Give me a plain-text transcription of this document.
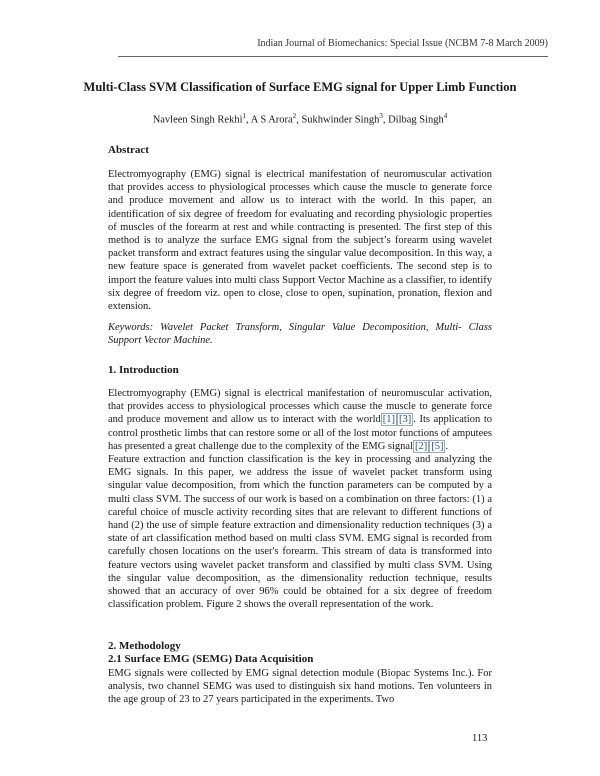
Indian Journal of Biomechanics: Special Issue (NCBM 7-8 March 2009)
Multi-Class SVM Classification of Surface EMG signal for Upper Limb Function
Navleen Singh Rekhi$^1$, A S Arora$^2$, Sukhwinder Singh$^3$, Dilbag Singh$^4$
Abstract

Electromyography (EMG) signal is electrical manifestation of neuromuscular activation that provides access to physiological processes which cause the muscle to generate force and produce movement and allow us to interact with the world. In this paper, an identification of six degree of freedom for evaluating and recording physiologic properties of muscles of the forearm at rest and while contracting is presented. The first step of this method is to analyze the surface EMG signal from the subject’s forearm using wavelet packet transform and extract features using the singular value decomposition. In this way, a new feature space is generated from wavelet packet coefficients. The second step is to import the feature values into multi class Support Vector Machine as a classifier, to identify six degree of freedom viz. open to close, close to open, supination, pronation, flexion and extension.

Keywords: Wavelet Packet Transform, Singular Value Decomposition, Multi- Class Support Vector Machine.
1. Introduction

Electromyography (EMG) signal is electrical manifestation of neuromuscular activation, that provides access to physiological processes which cause the muscle to generate force and produce movement and allow us to interact with the world [1] [3] . Its application to control prosthetic limbs that can restore some or all of the lost motor functions of amputees has presented a great challenge due to the complexity of the EMG signal [2] [5] .

Feature extraction and function classification is the key in processing and analyzing the EMG signals. In this paper, we address the issue of wavelet packet transform using singular value decomposition, from which the function parameters can be computed by a multi class SVM. The success of our work is based on a combination on three factors: (1) a careful choice of muscle activity recording sites that are relevant to different functions of hand (2) the use of simple feature extraction and dimensionality reduction techniques (3) a state of art classification method based on multi class SVM. EMG signal is recorded from carefully chosen locations on the user's forearm. This stream of data is transformed into feature vectors using wavelet packet transform and classified by multi class SVM. Using the singular value decomposition, as the dimensionality reduction technique, results showed that an accuracy of over 96% could be obtained for a six degree of freedom classification problem. Figure 2 shows the overall representation of the work.

2. Methodology
2.1 Surface EMG (SEMG) Data Acquisition

EMG signals were collected by EMG signal detection module (Biopac Systems Inc.). For analysis, two channel SEMG was used to distinguish six hand motions. Ten volunteers in the age group of 23 to 27 years participated in the experiments. Two

113
